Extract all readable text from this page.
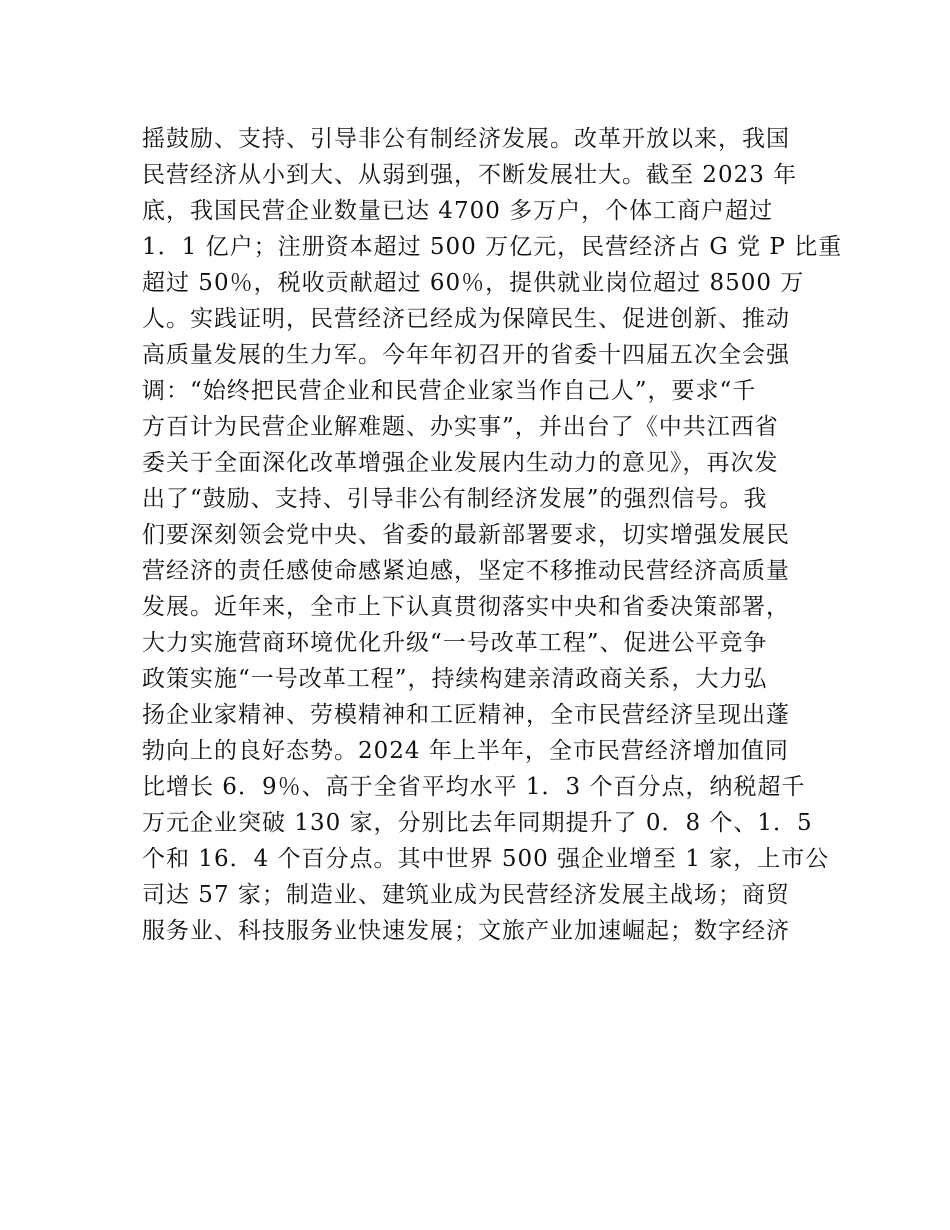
摇鼓励、支持、引导非公有制经济发展。改革开放以来，我国
民营经济从小到大、从弱到强，不断发展壮大。截至 2023 年
底，我国民营企业数量已达 4700 多万户，个体工商户超过
1．1 亿户；注册资本超过 500 万亿元，民营经济占 G 党 P 比重
超过 50％，税收贡献超过 60％，提供就业岗位超过 8500 万
人。实践证明，民营经济已经成为保障民生、促进创新、推动
高质量发展的生力军。今年年初召开的省委十四届五次全会强
调：“始终把民营企业和民营企业家当作自己人”，要求“千
方百计为民营企业解难题、办实事”，并出台了《中共江西省
委关于全面深化改革增强企业发展内生动力的意见》，再次发
出了“鼓励、支持、引导非公有制经济发展”的强烈信号。我
们要深刻领会党中央、省委的最新部署要求，切实增强发展民
营经济的责任感使命感紧迫感，坚定不移推动民营经济高质量
发展。近年来，全市上下认真贯彻落实中央和省委决策部署，
大力实施营商环境优化升级“一号改革工程”、促进公平竞争
政策实施“一号改革工程”，持续构建亲清政商关系，大力弘
扬企业家精神、劳模精神和工匠精神，全市民营经济呈现出蓬
勃向上的良好态势。2024 年上半年，全市民营经济增加值同
比增长 6．9％、高于全省平均水平 1．3 个百分点，纳税超千
万元企业突破 130 家，分别比去年同期提升了 0．8 个、1．5
个和 16．4 个百分点。其中世界 500 强企业增至 1 家，上市公
司达 57 家；制造业、建筑业成为民营经济发展主战场；商贸
服务业、科技服务业快速发展；文旅产业加速崛起；数字经济
